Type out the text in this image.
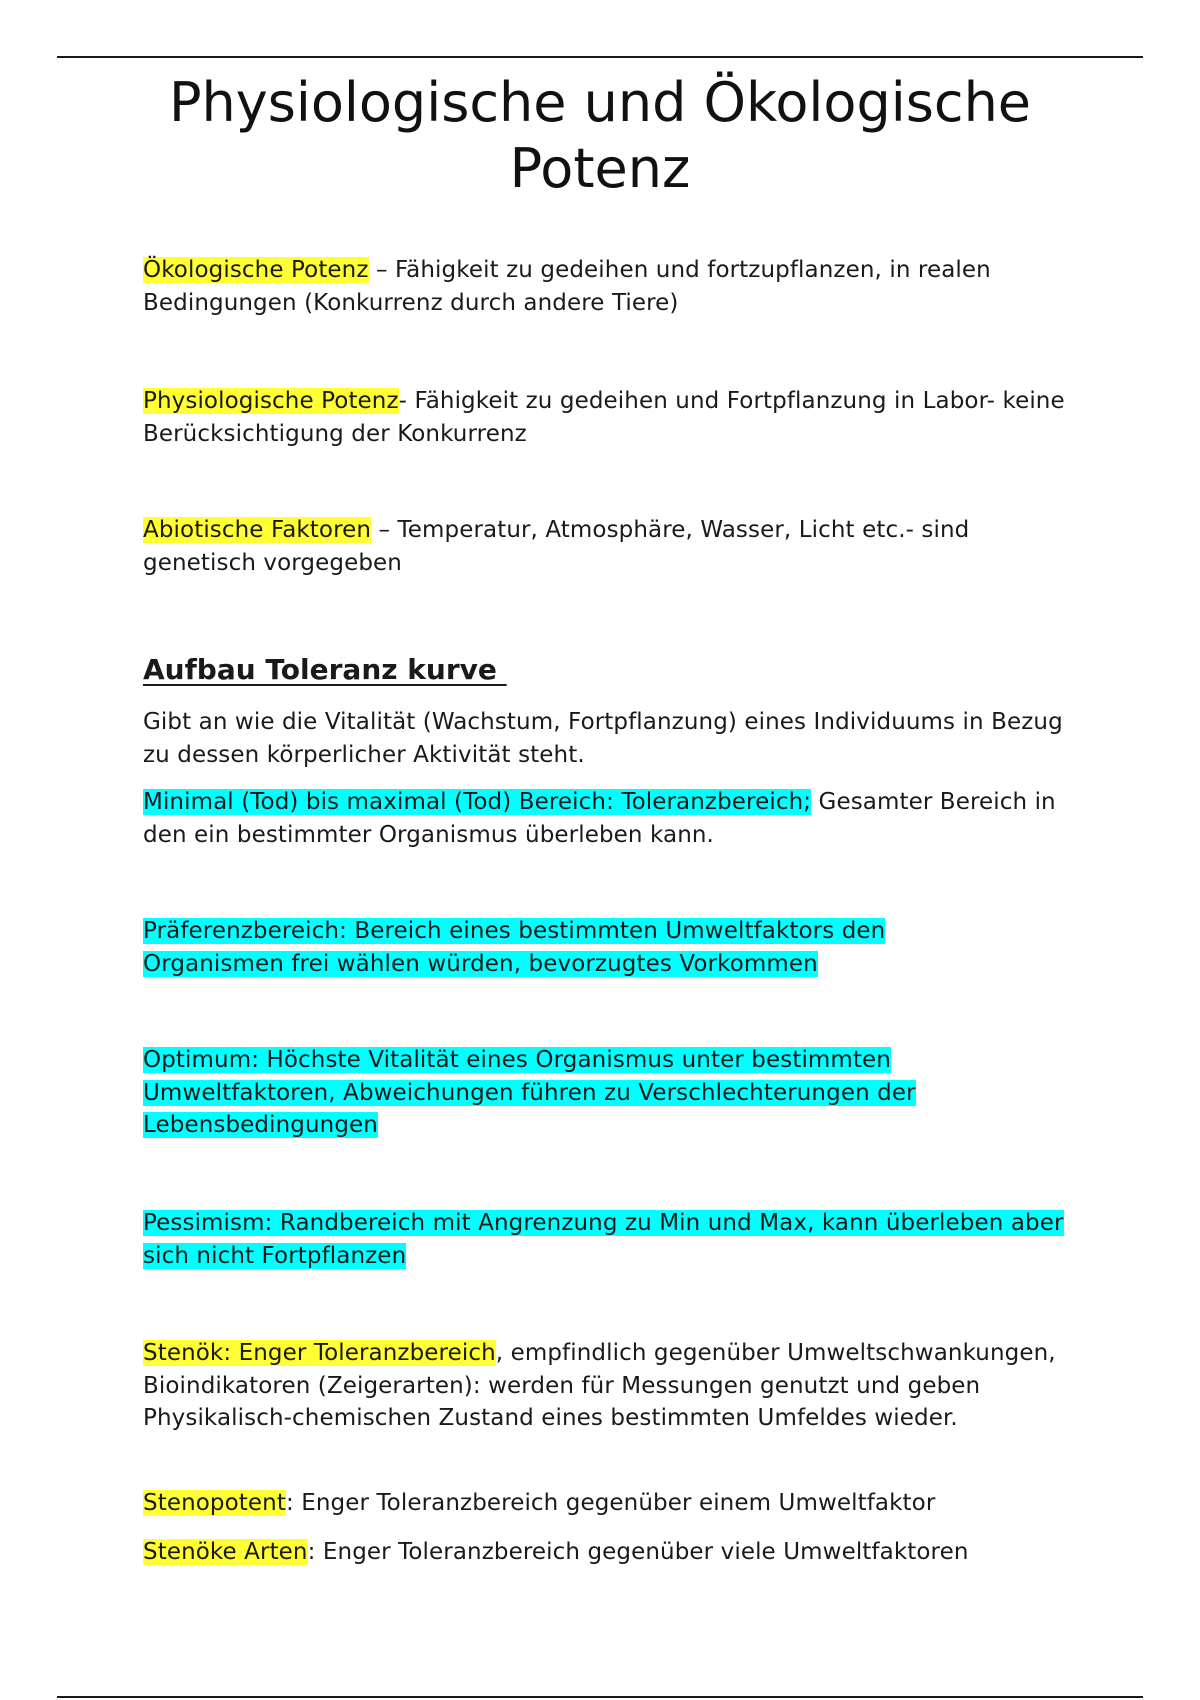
Physiologische und Ökologische
Potenz

Ökologische Potenz – Fähigkeit zu gedeihen und fortzupflanzen, in realen Bedingungen (Konkurrenz durch andere Tiere)

Physiologische Potenz- Fähigkeit zu gedeihen und Fortpflanzung in Labor- keine Berücksichtigung der Konkurrenz

Abiotische Faktoren – Temperatur, Atmosphäre, Wasser, Licht etc.- sind genetisch vorgegeben

Aufbau Toleranz kurve

Gibt an wie die Vitalität (Wachstum, Fortpflanzung) eines Individuums in Bezug zu dessen körperlicher Aktivität steht.

Minimal (Tod) bis maximal (Tod) Bereich: Toleranzbereich; Gesamter Bereich in den ein bestimmter Organismus überleben kann.

Präferenzbereich: Bereich eines bestimmten Umweltfaktors den Organismen frei wählen würden, bevorzugtes Vorkommen

Optimum: Höchste Vitalität eines Organismus unter bestimmten Umweltfaktoren, Abweichungen führen zu Verschlechterungen der Lebensbedingungen

Pessimism: Randbereich mit Angrenzung zu Min und Max, kann überleben aber sich nicht Fortpflanzen

Stenök: Enger Toleranzbereich, empfindlich gegenüber Umweltschwankungen, Bioindikatoren (Zeigerarten): werden für Messungen genutzt und geben Physikalisch-chemischen Zustand eines bestimmten Umfeldes wieder.

Stenopotent: Enger Toleranzbereich gegenüber einem Umweltfaktor

Stenöke Arten: Enger Toleranzbereich gegenüber viele Umweltfaktoren
